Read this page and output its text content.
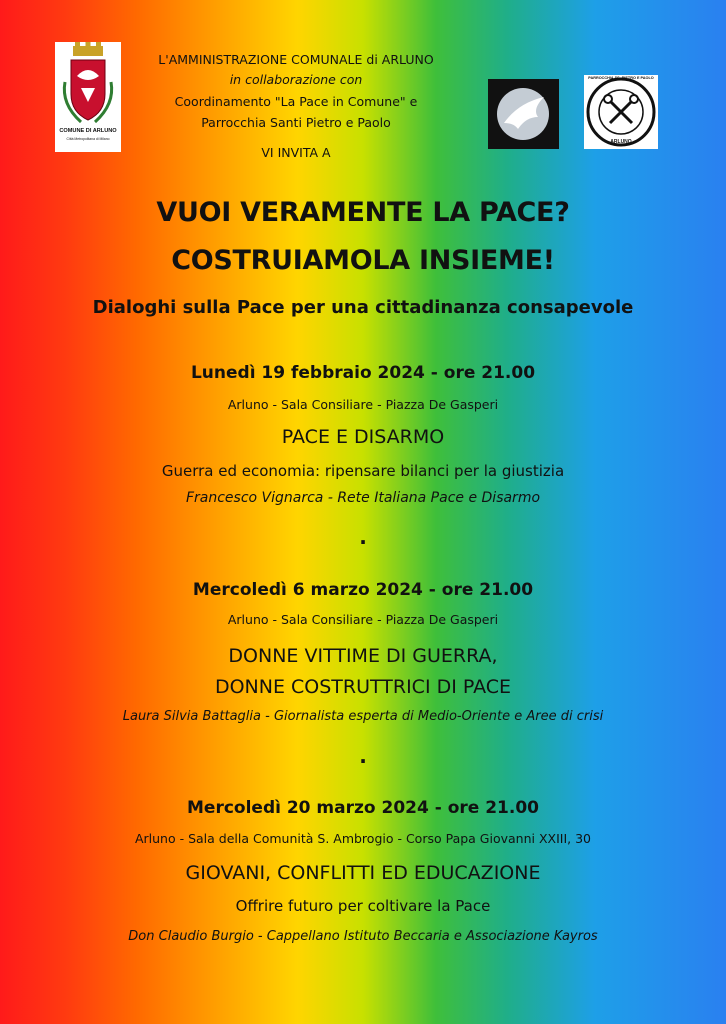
COMUNE DI ARLUNO
Città Metropolitana di Milano
PARROCCHIA SS. PIETRO E PAOLO
ARLUNO
L'AMMINISTRAZIONE COMUNALE di ARLUNO
in collaborazione con
Coordinamento "La Pace in Comune" e
Parrocchia Santi Pietro e Paolo
VI INVITA A
VUOI VERAMENTE LA PACE?
COSTRUIAMOLA INSIEME!
Dialoghi sulla Pace per una cittadinanza consapevole
Lunedì 19 febbraio 2024 - ore 21.00
Arluno - Sala Consiliare - Piazza De Gasperi
PACE E DISARMO
Guerra ed economia: ripensare bilanci per la giustizia
Francesco Vignarca - Rete Italiana Pace e Disarmo
.
Mercoledì 6 marzo 2024 - ore 21.00
Arluno - Sala Consiliare - Piazza De Gasperi
DONNE VITTIME DI GUERRA,
DONNE COSTRUTTRICI DI PACE
Laura Silvia Battaglia - Giornalista esperta di Medio-Oriente e Aree di crisi
.
Mercoledì 20 marzo 2024 - ore 21.00
Arluno - Sala della Comunità S. Ambrogio - Corso Papa Giovanni XXIII, 30
GIOVANI, CONFLITTI ED EDUCAZIONE
Offrire futuro per coltivare la Pace
Don Claudio Burgio - Cappellano Istituto Beccaria e Associazione Kayros
